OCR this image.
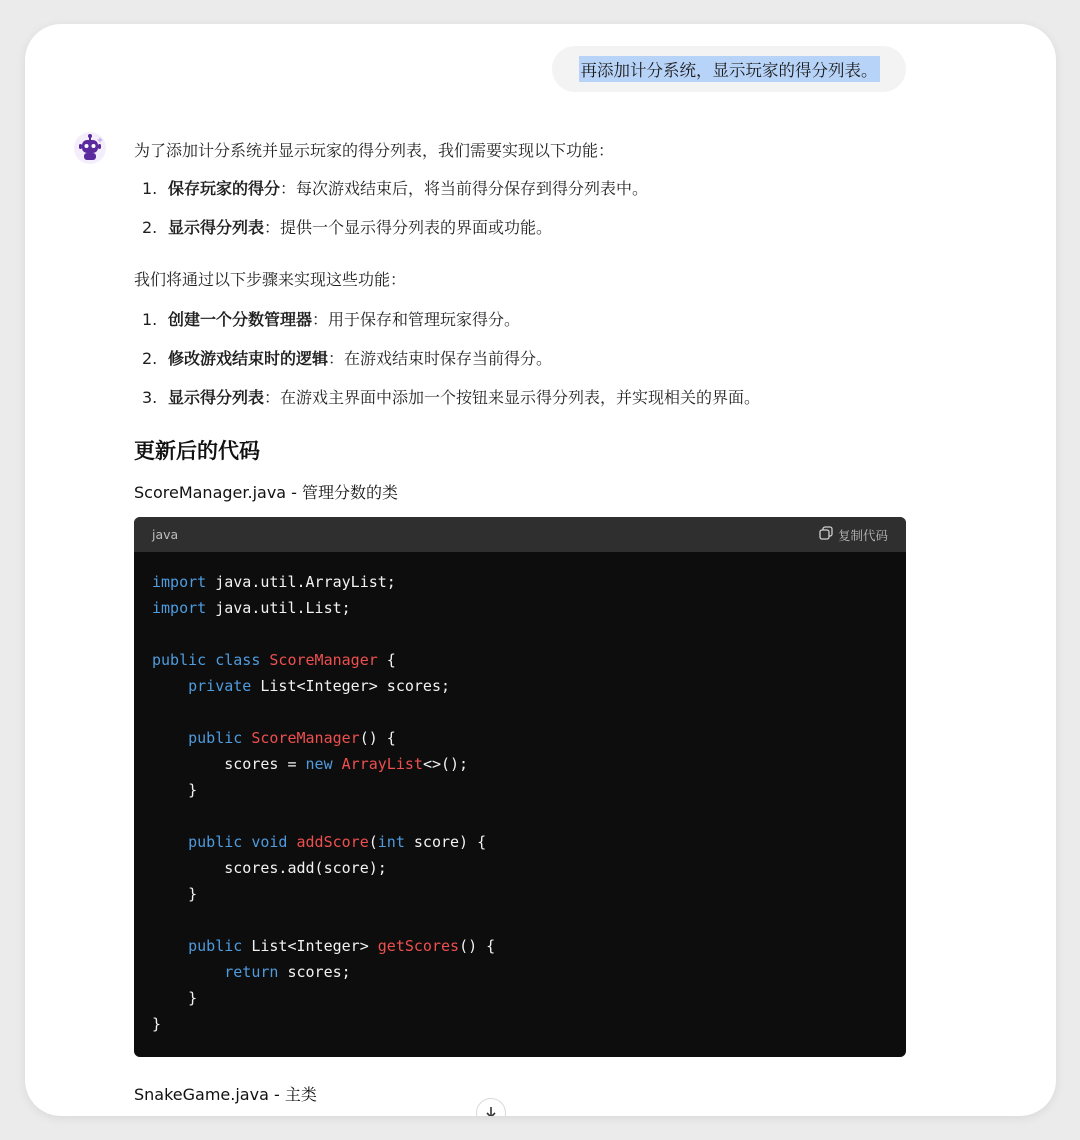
再添加计分系统，显示玩家的得分列表。
为了添加计分系统并显示玩家的得分列表，我们需要实现以下功能：
1. 保存玩家的得分：每次游戏结束后，将当前得分保存到得分列表中。
2. 显示得分列表：提供一个显示得分列表的界面或功能。
我们将通过以下步骤来实现这些功能：
1. 创建一个分数管理器：用于保存和管理玩家得分。
2. 修改游戏结束时的逻辑：在游戏结束时保存当前得分。
3. 显示得分列表：在游戏主界面中添加一个按钮来显示得分列表，并实现相关的界面。
更新后的代码
ScoreManager.java - 管理分数的类
java	复制代码
import java.util.ArrayList;
import java.util.List;

public class ScoreManager {
private List<Integer> scores;

public ScoreManager() {
scores = new ArrayList<>();
}

public void addScore(int score) {
scores.add(score);
}

public List<Integer> getScores() {
return scores;
}
}
SnakeGame.java - 主类
